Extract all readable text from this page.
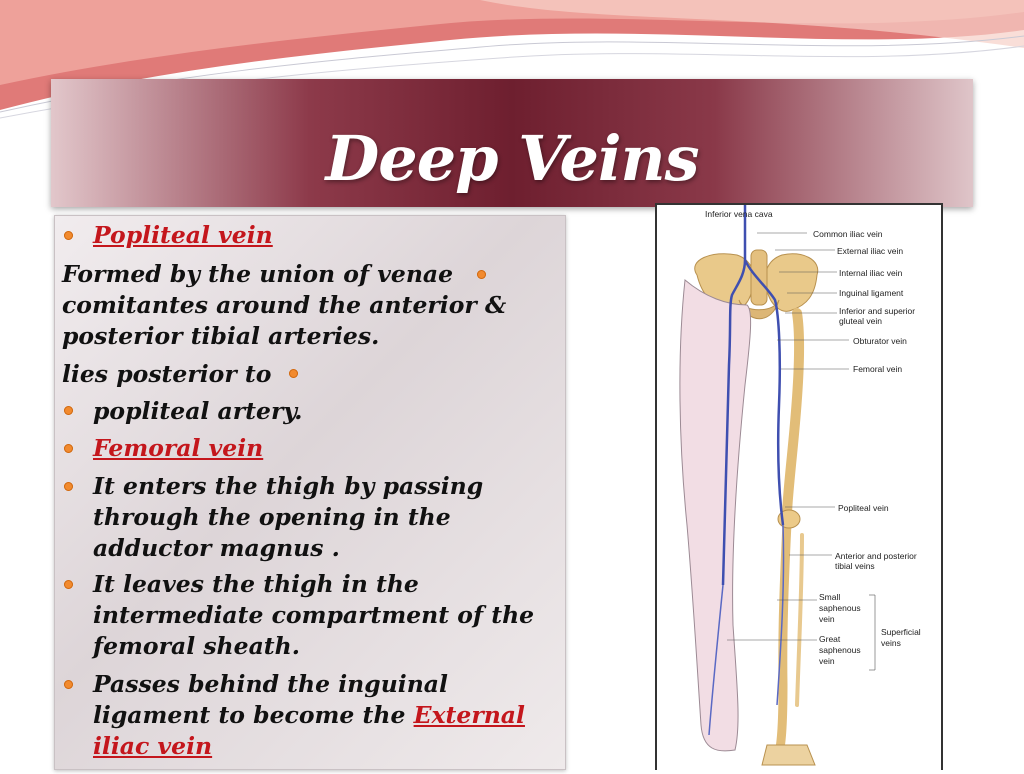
Deep Veins
Popliteal vein
Formed by the union of venae
comitantes around the anterior &
posterior tibial arteries.
lies posterior to
popliteal artery.
Femoral vein
It enters the thigh by passing
through the opening in the
adductor magnus .
It leaves the thigh in the
intermediate compartment of the
femoral sheath.
Passes behind the inguinal
ligament to become the External
iliac vein
Inferior vena cava
Common iliac vein
External iliac vein
Internal iliac vein
Inguinal ligament
Inferior and superior
gluteal vein
Obturator vein
Femoral vein
Popliteal vein
Anterior and posterior
tibial veins
Small
saphenous
vein
Great
saphenous
vein
Superficial
veins
